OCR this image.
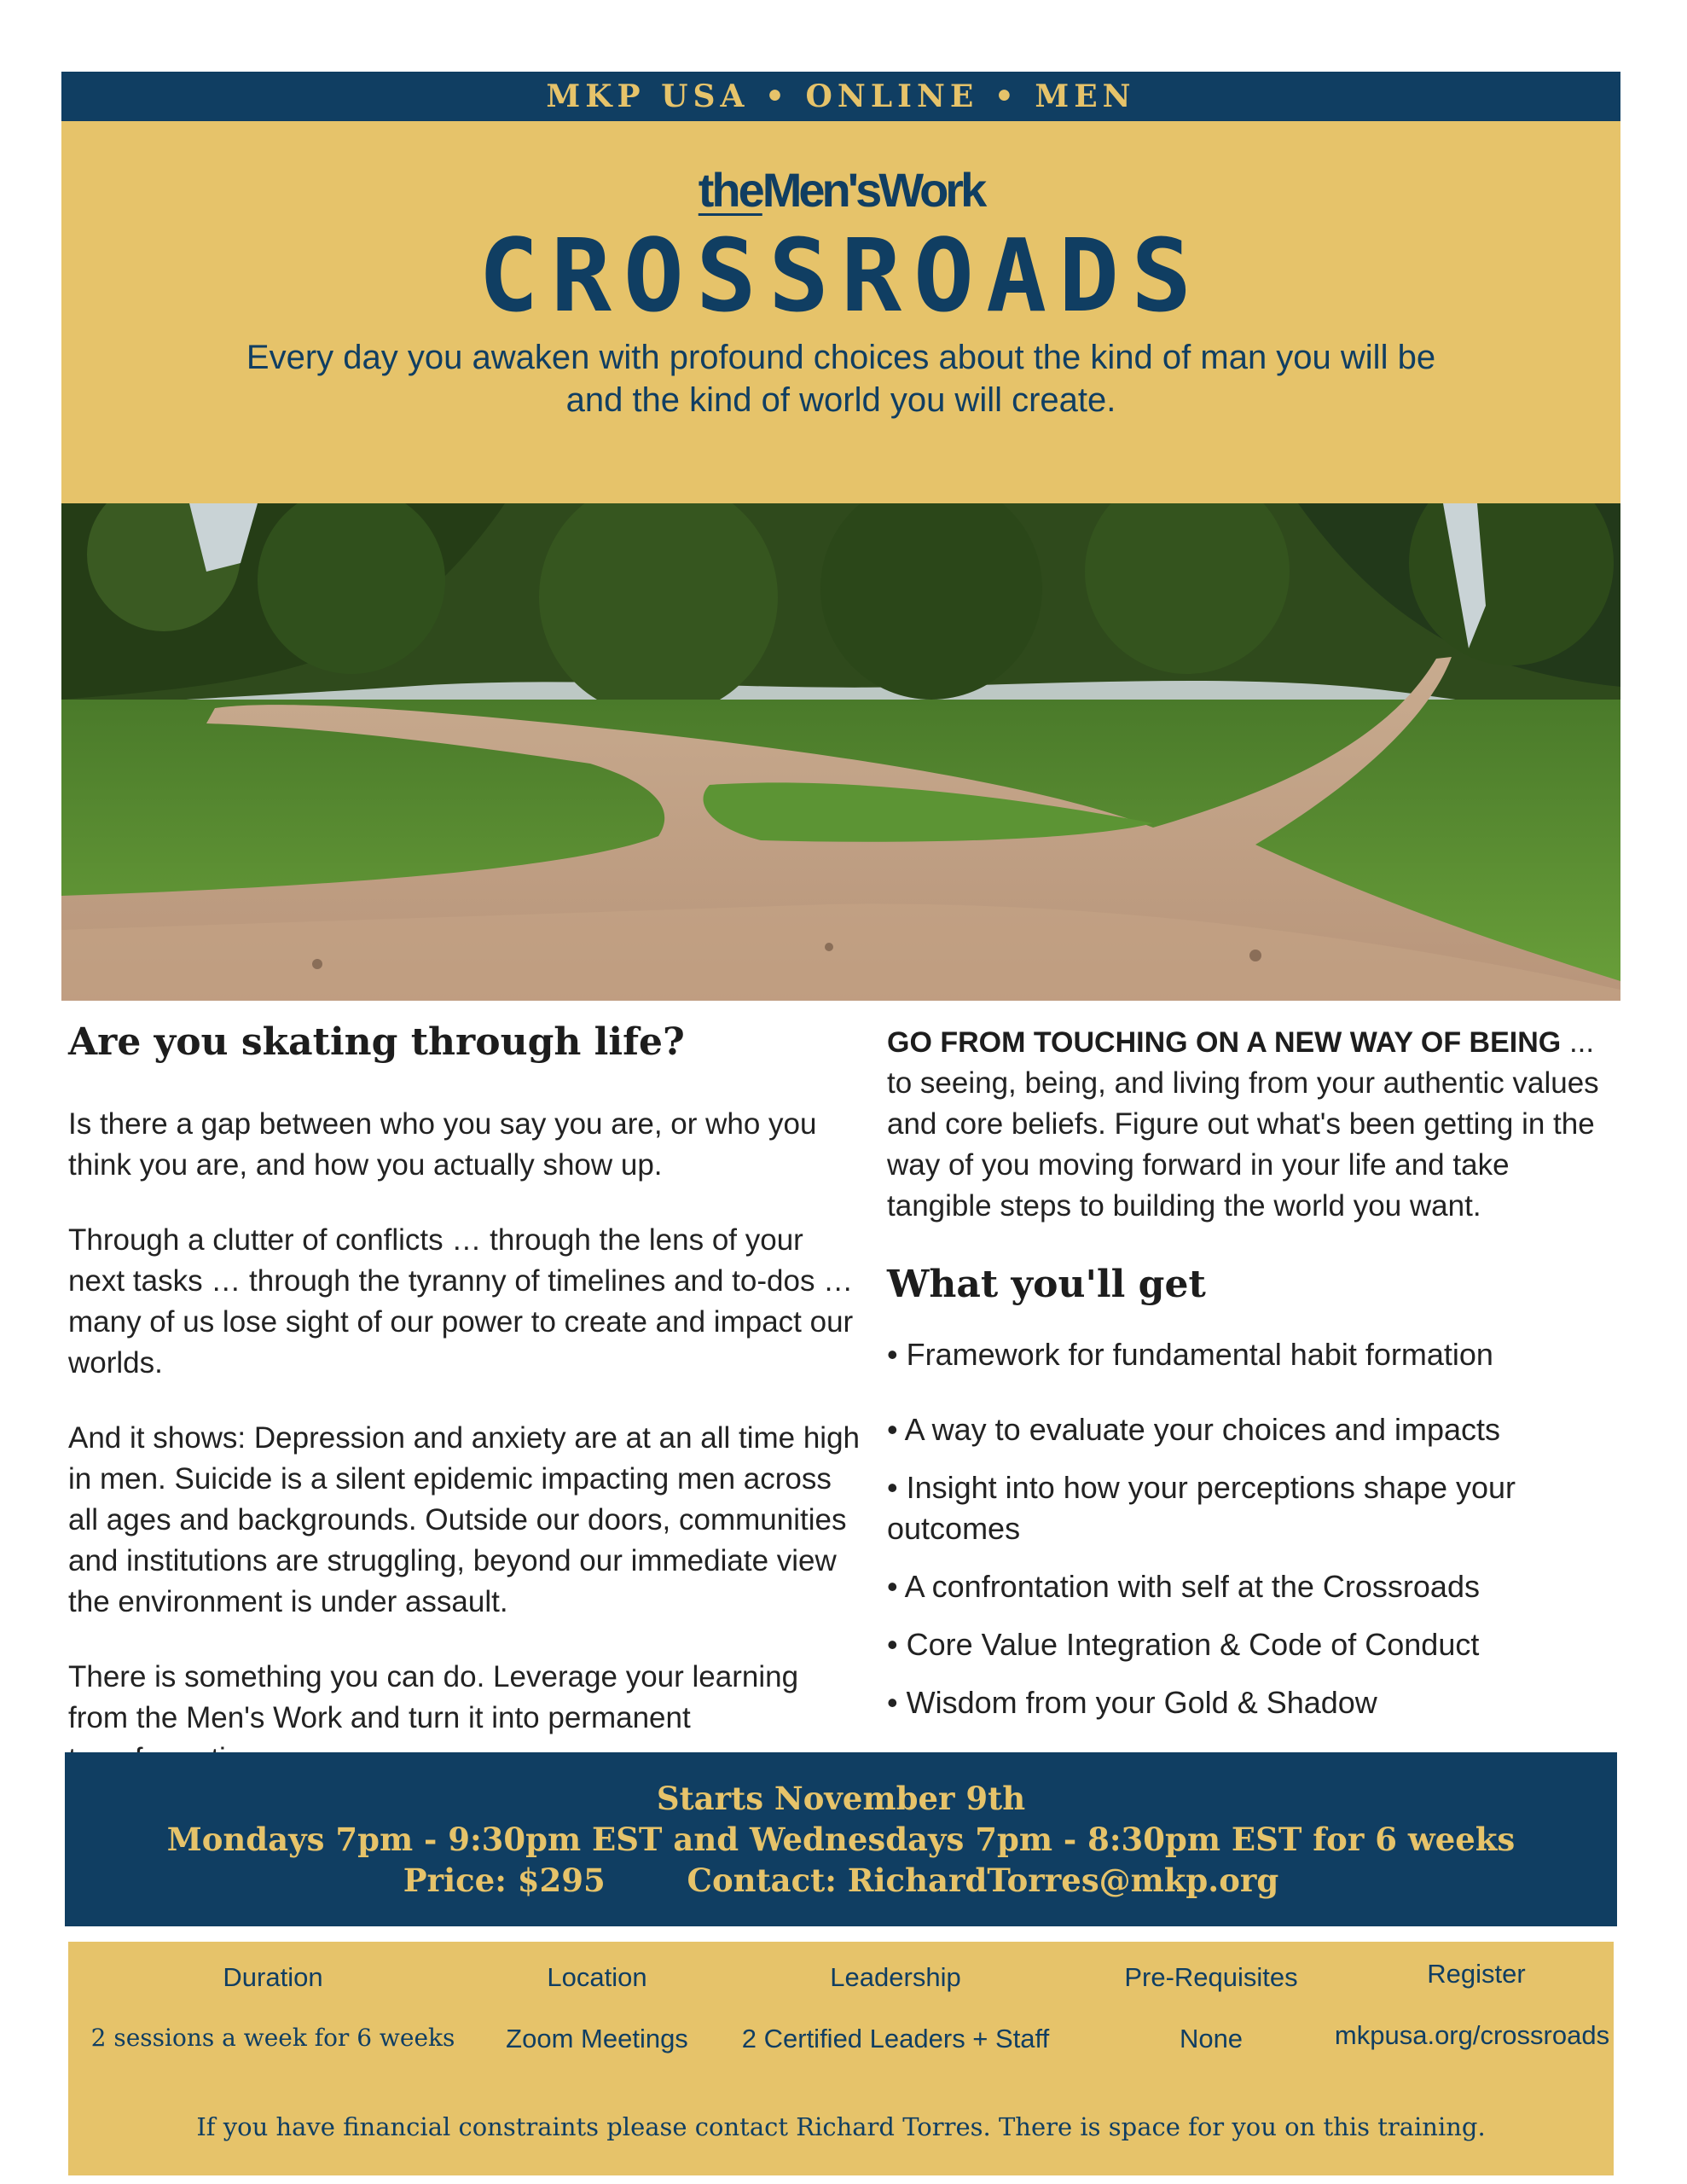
MKP USA • ONLINE • MEN
theMen'sWork
CROSSROADS
Every day you awaken with profound choices about the kind of man you will be
and the kind of world you will create.
Are you skating through life?

Is there a gap between who you say you are, or who you think you are, and how you actually show up.

Through a clutter of conflicts … through the lens of your next tasks … through the tyranny of timelines and to-dos … many of us lose sight of our power to create and impact our worlds.

And it shows: Depression and anxiety are at an all time high in men. Suicide is a silent epidemic impacting men across all ages and backgrounds. Outside our doors, communities and institutions are struggling, beyond our immediate view the environment is under assault.

There is something you can do. Leverage your learning from the Men's Work and turn it into permanent

GO FROM TOUCHING ON A NEW WAY OF BEING ...

to seeing, being, and living from your authentic values and core beliefs. Figure out what's been getting in the way of you moving forward in your life and take tangible steps to building the world you want.

What you'll get
• Framework for fundamental habit formation
• A way to evaluate your choices and impacts
• Insight into how your perceptions shape your outcomes
• A confrontation with self at the Crossroads
• Core Value Integration & Code of Conduct
• Wisdom from your Gold & Shadow
Starts November 9th
Mondays 7pm - 9:30pm EST and Wednesdays 7pm - 8:30pm EST for 6 weeks
Price: $295	Contact: RichardTorres@mkp.org
Duration
2 sessions a week for 6 weeks
Location
Zoom Meetings
Leadership
2 Certified Leaders + Staff
Pre-Requisites
None
Register
mkpusa.org/crossroads
If you have financial constraints please contact Richard Torres. There is space for you on this training.
